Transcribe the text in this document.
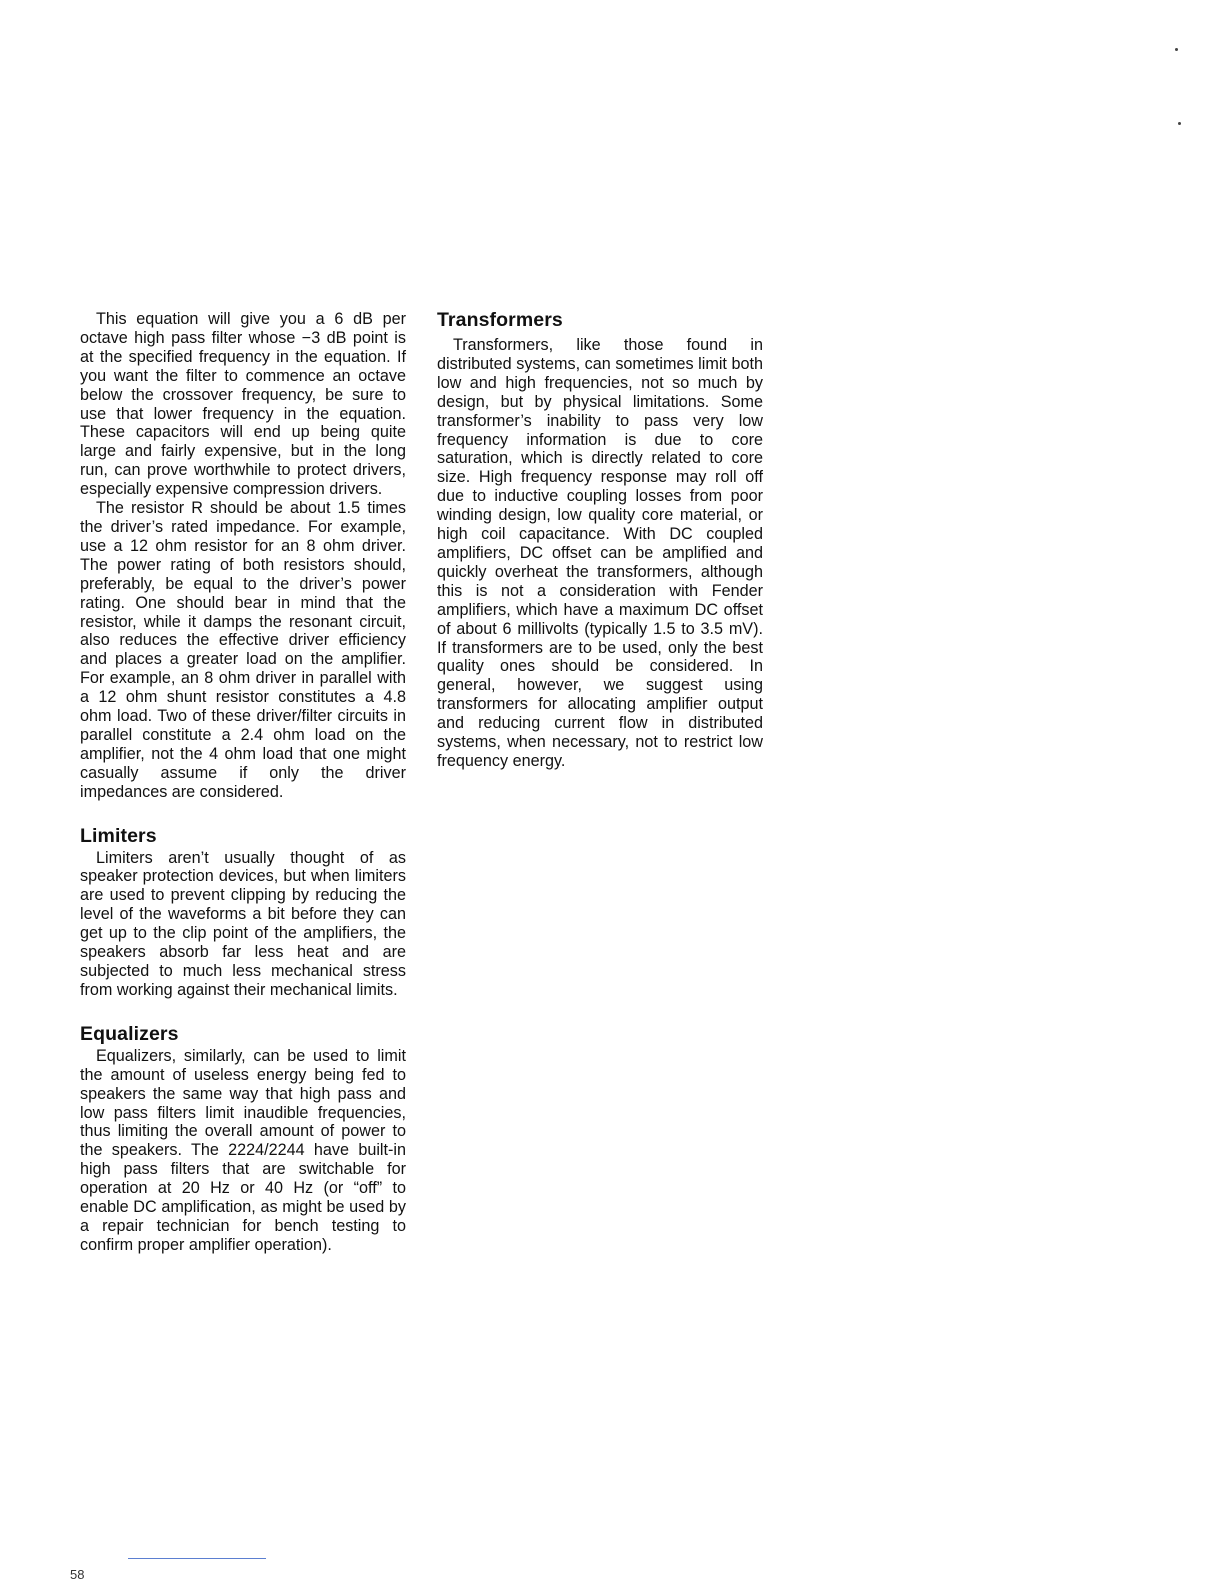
This equation will give you a 6 dB per octave high pass filter whose −3 dB point is at the specified frequency in the equation. If you want the filter to commence an octave below the crossover frequency, be sure to use that lower frequency in the equation. These capacitors will end up being quite large and fairly expensive, but in the long run, can prove worthwhile to protect drivers, especially expensive compression drivers.

The resistor R should be about 1.5 times the driver’s rated impedance. For example, use a 12 ohm resistor for an 8 ohm driver. The power rating of both resistors should, preferably, be equal to the driver’s power rating. One should bear in mind that the resistor, while it damps the resonant circuit, also reduces the effective driver efficiency and places a greater load on the amplifier. For example, an 8 ohm driver in parallel with a 12 ohm shunt resistor constitutes a 4.8 ohm load. Two of these driver/filter circuits in parallel constitute a 2.4 ohm load on the amplifier, not the 4 ohm load that one might casually assume if only the driver impedances are considered.

Limiters

Limiters aren’t usually thought of as speaker protection devices, but when limiters are used to prevent clipping by reducing the level of the waveforms a bit before they can get up to the clip point of the amplifiers, the speakers absorb far less heat and are subjected to much less mechanical stress from working against their mechanical limits.

Equalizers

Equalizers, similarly, can be used to limit the amount of useless energy being fed to speakers the same way that high pass and low pass filters limit inaudible frequencies, thus limiting the overall amount of power to the speakers. The 2224/2244 have built-in high pass filters that are switchable for operation at 20 Hz or 40 Hz (or “off” to enable DC amplification, as might be used by a repair technician for bench testing to confirm proper amplifier operation).

Transformers

Transformers, like those found in distributed systems, can sometimes limit both low and high frequencies, not so much by design, but by physical limitations. Some transformer’s inability to pass very low frequency information is due to core saturation, which is directly related to core size. High frequency response may roll off due to inductive coupling losses from poor winding design, low quality core material, or high coil capacitance. With DC coupled amplifiers, DC offset can be amplified and quickly overheat the transformers, although this is not a consideration with Fender amplifiers, which have a maximum DC offset of about 6 millivolts (typically 1.5 to 3.5 mV). If transformers are to be used, only the best quality ones should be considered. In general, however, we suggest using transformers for allocating amplifier output and reducing current flow in distributed systems, when necessary, not to restrict low frequency energy.

58
